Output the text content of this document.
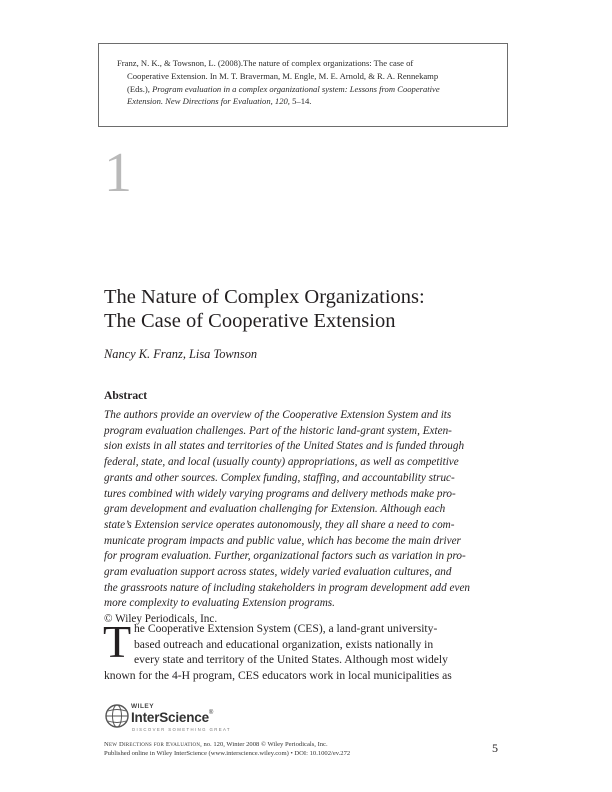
Franz, N. K., & Towsnon, L. (2008).The nature of complex organizations: The case of
Cooperative Extension. In M. T. Braverman, M. Engle, M. E. Arnold, & R. A. Rennekamp
(Eds.), Program evaluation in a complex organizational system: Lessons from Cooperative
Extension. New Directions for Evaluation, 120, 5–14.
1
The Nature of Complex Organizations:
The Case of Cooperative Extension
Nancy K. Franz, Lisa Townson
Abstract
The authors provide an overview of the Cooperative Extension System and its
program evaluation challenges. Part of the historic land-grant system, Exten-
sion exists in all states and territories of the United States and is funded through
federal, state, and local (usually county) appropriations, as well as competitive
grants and other sources. Complex funding, staffing, and accountability struc-
tures combined with widely varying programs and delivery methods make pro-
gram development and evaluation challenging for Extension. Although each
state’s Extension service operates autonomously, they all share a need to com-
municate program impacts and public value, which has become the main driver
for program evaluation. Further, organizational factors such as variation in pro-
gram evaluation support across states, widely varied evaluation cultures, and
the grassroots nature of including stakeholders in program development add even
more complexity to evaluating Extension programs.
© Wiley Periodicals, Inc.
T he Cooperative Extension System (CES), a land-grant university-
based outreach and educational organization, exists nationally in
every state and territory of the United States. Although most widely
known for the 4-H program, CES educators work in local municipalities as
WILEY
InterScience®
DISCOVER SOMETHING GREAT
New Directions for Evaluation, no. 120, Winter 2008 © Wiley Periodicals, Inc.
Published online in Wiley InterScience (www.interscience.wiley.com) • DOI: 10.1002/ev.272	5
